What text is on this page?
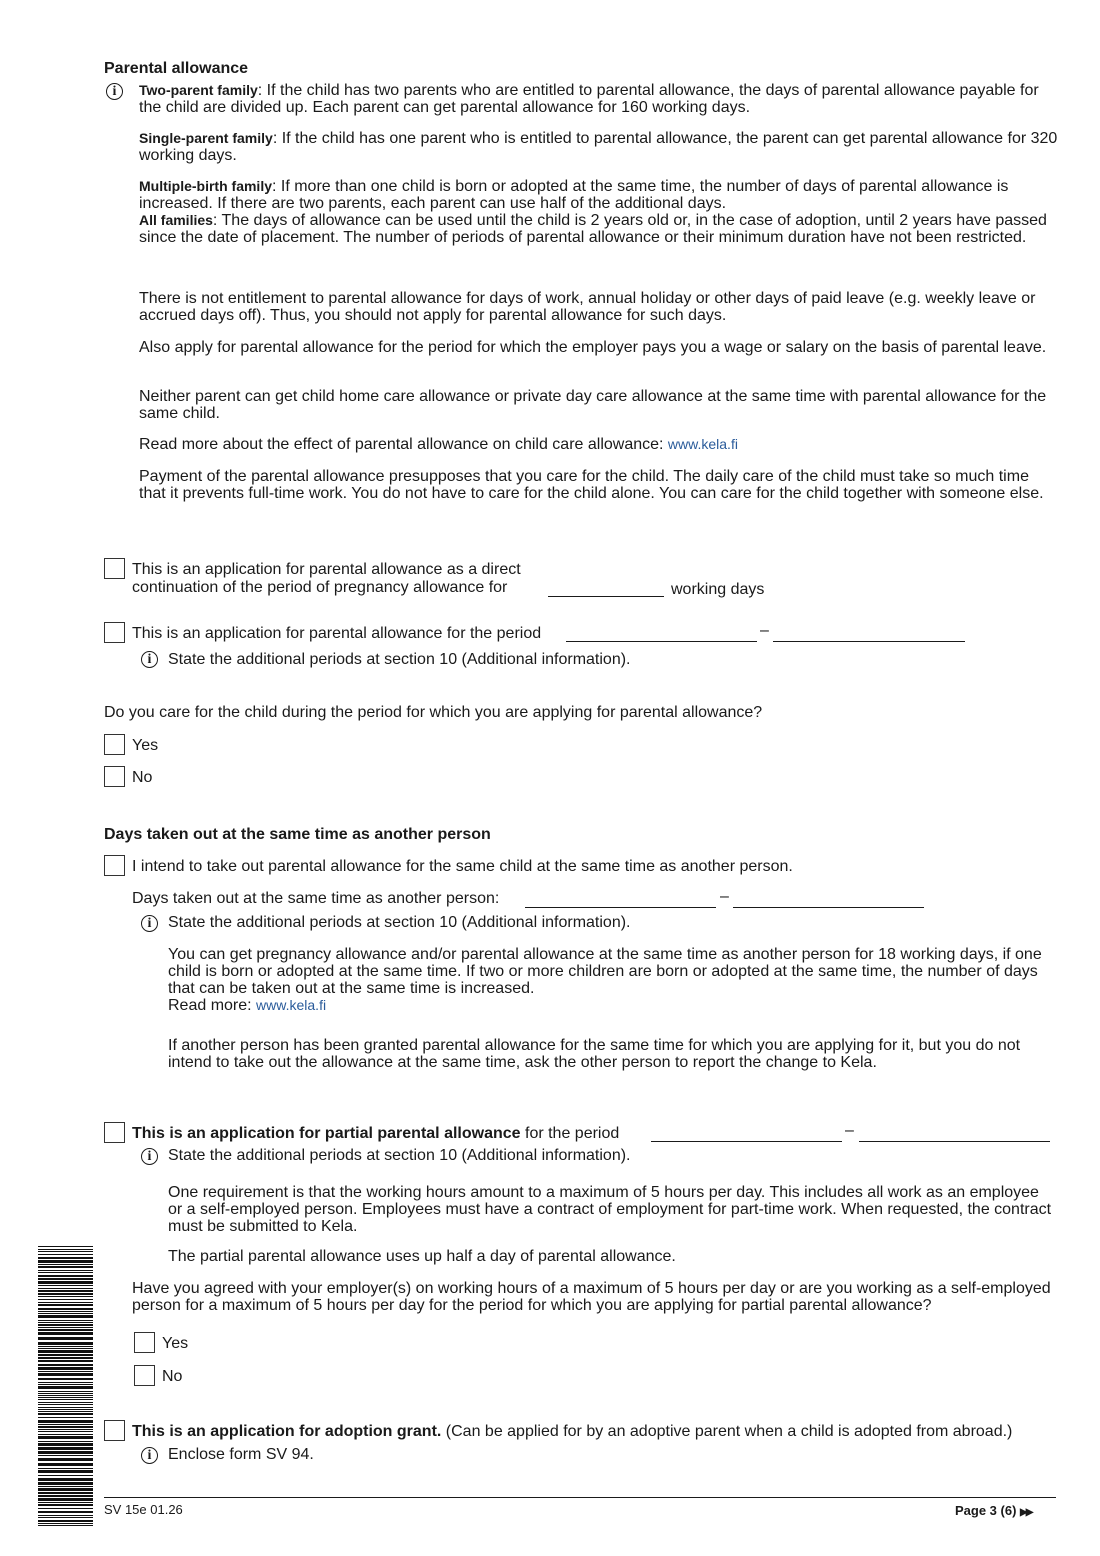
Parental allowance
i	Two-parent family: If the child has two parents who are entitled to parental allowance, the days of parental allowance payable for the child are divided up. Each parent can get parental allowance for 160 working days.
Single-parent family: If the child has one parent who is entitled to parental allowance, the parent can get parental allowance for 320 working days.
Multiple-birth family: If more than one child is born or adopted at the same time, the number of days of parental allowance is increased. If there are two parents, each parent can use half of the additional days.
All families: The days of allowance can be used until the child is 2 years old or, in the case of adoption, until 2 years have passed since the date of placement. The number of periods of parental allowance or their minimum duration have not been restricted.
There is not entitlement to parental allowance for days of work, annual holiday or other days of paid leave (e.g. weekly leave or accrued days off). Thus, you should not apply for parental allowance for such days.
Also apply for parental allowance for the period for which the employer pays you a wage or salary on the basis of parental leave.
Neither parent can get child home care allowance or private day care allowance at the same time with parental allowance for the same child.
Read more about the effect of parental allowance on child care allowance: www.kela.fi
Payment of the parental allowance presupposes that you care for the child. The daily care of the child must take so much time that it prevents full-time work. You do not have to care for the child alone. You can care for the child together with someone else.
This is an application for parental allowance as a direct
continuation of the period of pregnancy allowance for	working days
This is an application for parental allowance for the period	–
i	State the additional periods at section 10 (Additional information).
Do you care for the child during the period for which you are applying for parental allowance?
Yes
No
Days taken out at the same time as another person
I intend to take out parental allowance for the same child at the same time as another person.
Days taken out at the same time as another person:	–
i	State the additional periods at section 10 (Additional information).
You can get pregnancy allowance and/or parental allowance at the same time as another person for 18 working days, if one child is born or adopted at the same time. If two or more children are born or adopted at the same time, the number of days that can be taken out at the same time is increased.
Read more: www.kela.fi
If another person has been granted parental allowance for the same time for which you are applying for it, but you do not intend to take out the allowance at the same time, ask the other person to report the change to Kela.
This is an application for partial parental allowance for the period	–
i	State the additional periods at section 10 (Additional information).
One requirement is that the working hours amount to a maximum of 5 hours per day. This includes all work as an employee or a self-employed person. Employees must have a contract of employment for part-time work. When requested, the contract must be submitted to Kela.
The partial parental allowance uses up half a day of parental allowance.
Have you agreed with your employer(s) on working hours of a maximum of 5 hours per day or are you working as a self-employed person for a maximum of 5 hours per day for the period for which you are applying for partial parental allowance?
Yes
No
This is an application for adoption grant. (Can be applied for by an adoptive parent when a child is adopted from abroad.)
i	Enclose form SV 94.
SV 15e 01.26	Page 3 (6) ▶▶
